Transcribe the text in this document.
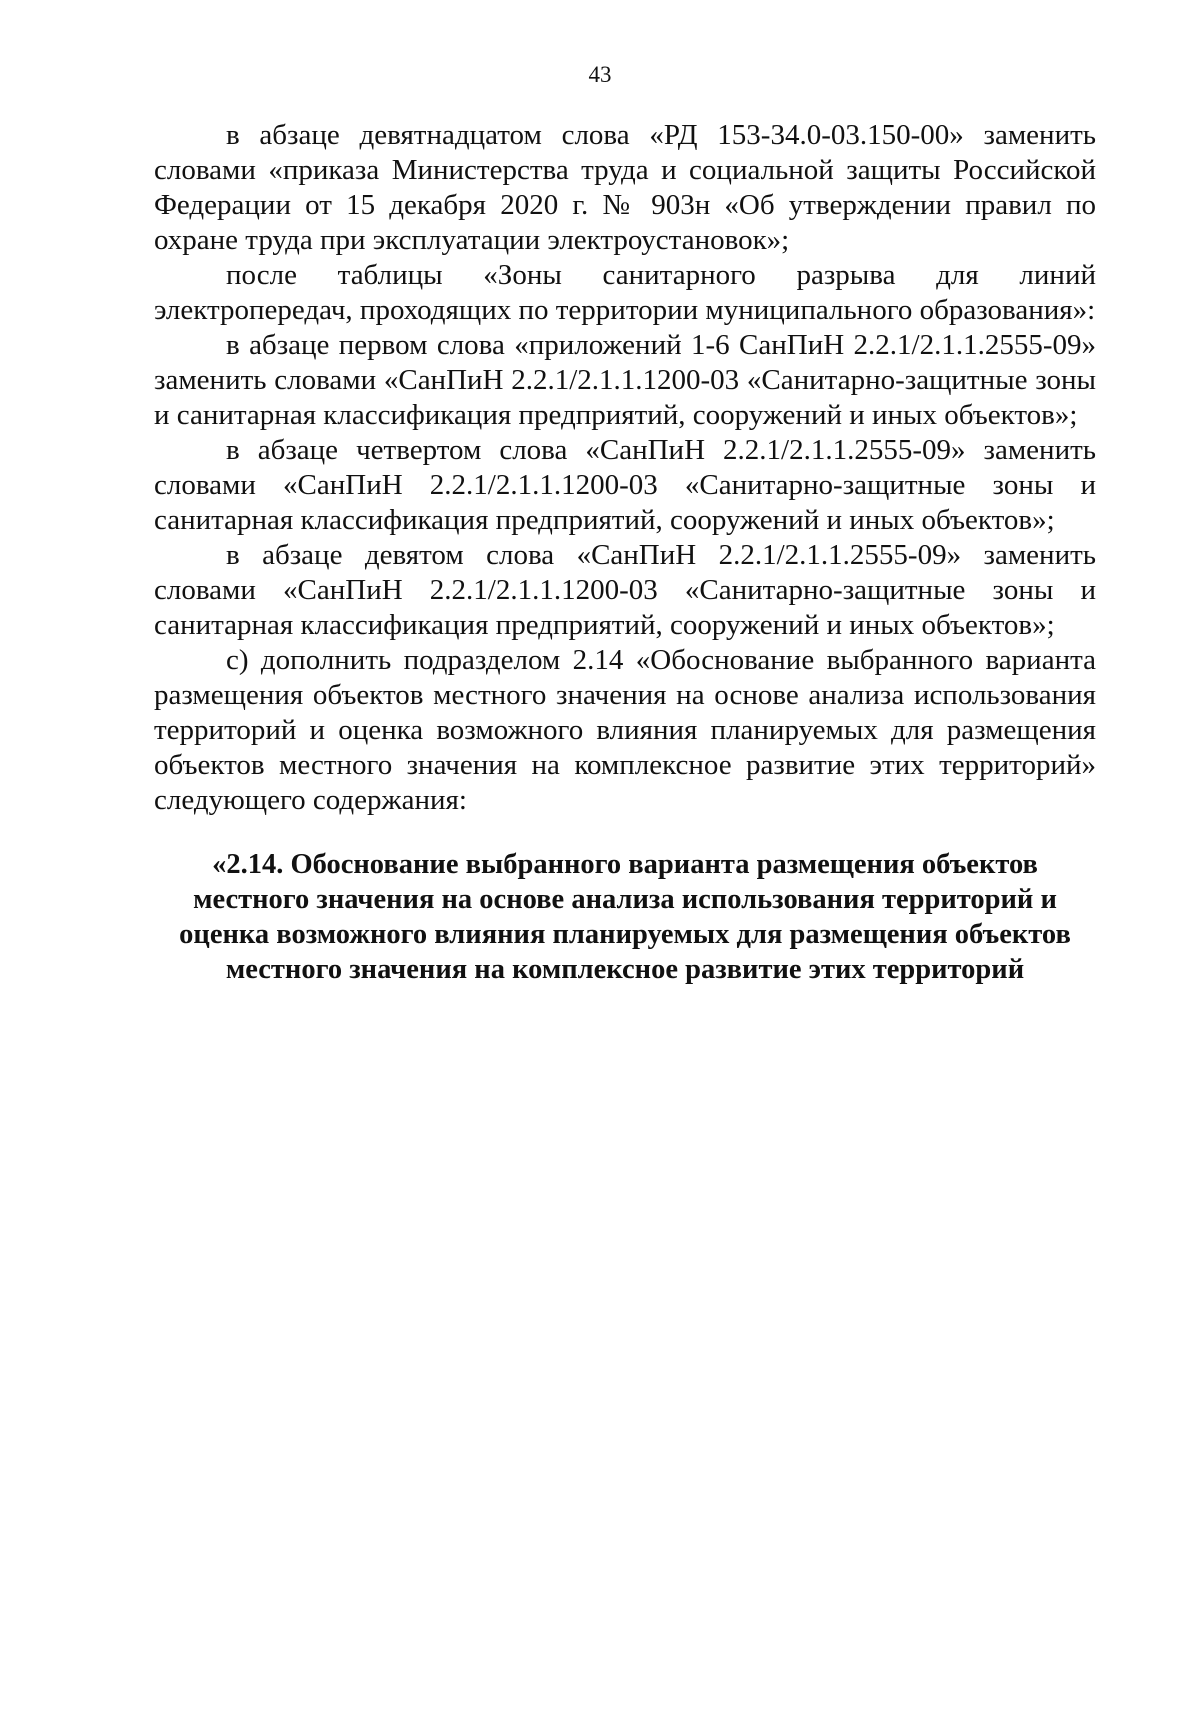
43

в абзаце девятнадцатом слова «РД 153-34.0-03.150-00» заменить словами «приказа Министерства труда и социальной защиты Российской Федерации от 15 декабря 2020 г. № 903н «Об утверждении правил по охране труда при эксплуатации электроустановок»;

после таблицы «Зоны санитарного разрыва для линий электропередач, проходящих по территории муниципального образования»:

в абзаце первом слова «приложений 1-6 СанПиН 2.2.1/2.1.1.2555-09» заменить словами «СанПиН 2.2.1/2.1.1.1200-03 «Санитарно-защитные зоны и санитарная классификация предприятий, сооружений и иных объектов»;

в абзаце четвертом слова «СанПиН 2.2.1/2.1.1.2555-09» заменить словами «СанПиН 2.2.1/2.1.1.1200-03 «Санитарно-защитные зоны и санитарная классификация предприятий, сооружений и иных объектов»;

в абзаце девятом слова «СанПиН 2.2.1/2.1.1.2555-09» заменить словами «СанПиН 2.2.1/2.1.1.1200-03 «Санитарно-защитные зоны и санитарная классификация предприятий, сооружений и иных объектов»;

с) дополнить подразделом 2.14 «Обоснование выбранного варианта размещения объектов местного значения на основе анализа использования территорий и оценка возможного влияния планируемых для размещения объектов местного значения на комплексное развитие этих территорий» следующего содержания:

«2.14. Обоснование выбранного варианта размещения объектов
местного значения на основе анализа использования территорий и
оценка возможного влияния планируемых для размещения объектов
местного значения на комплексное развитие этих территорий
